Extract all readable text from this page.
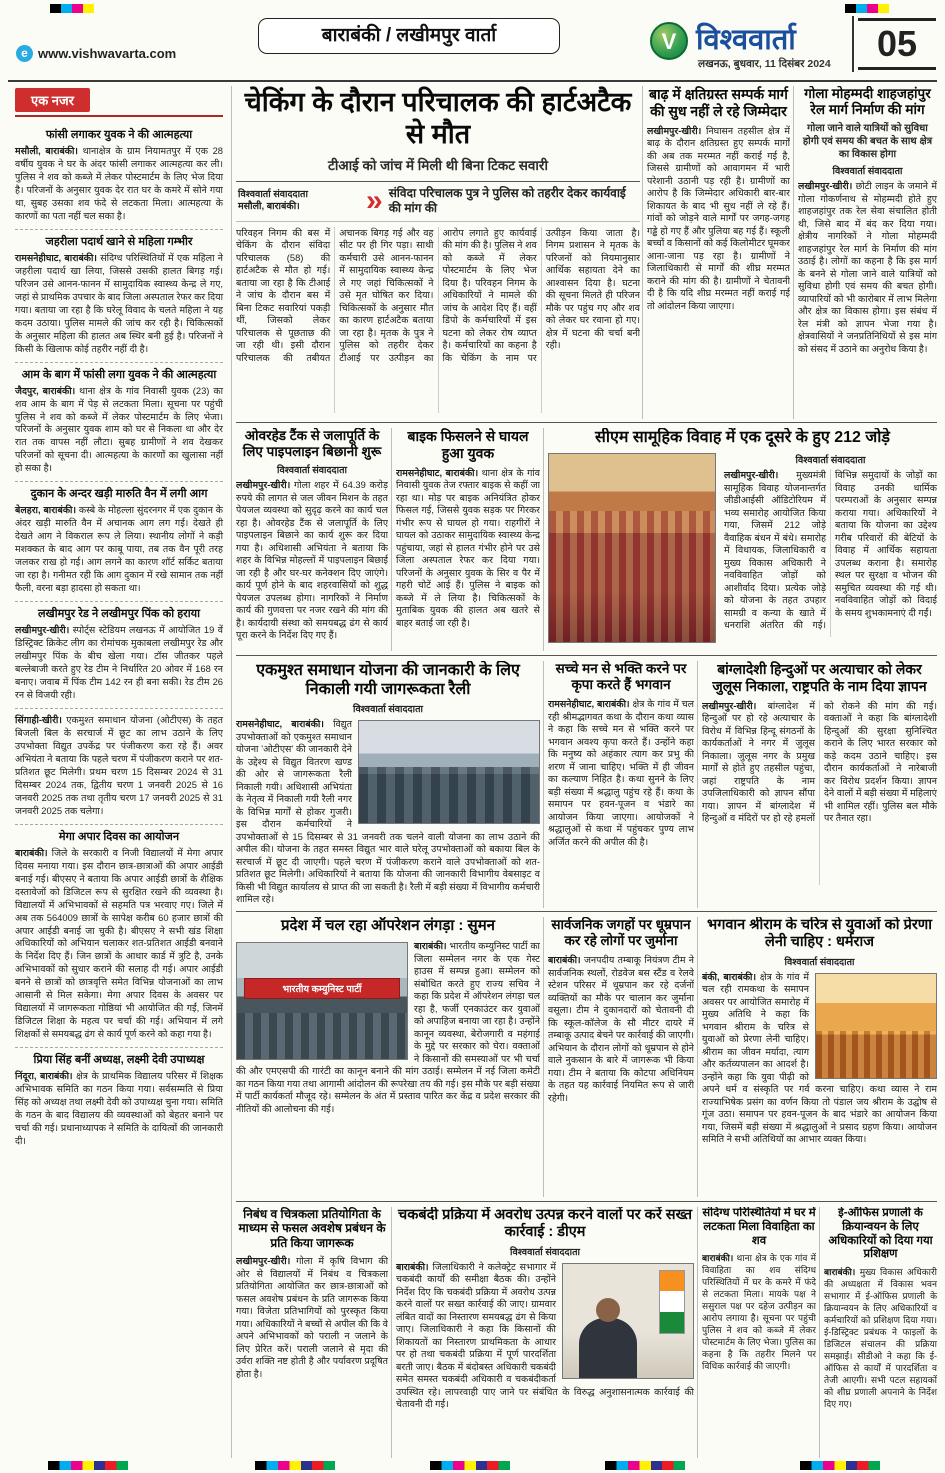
e www.vishwavarta.com
बाराबंकी / लखीमपुर वार्ता	V विश्ववार्ता
लखनऊ, बुधवार, 11 दिसंबर 2024	05
एक नजर
फांसी लगाकर युवक ने की आत्महत्या

मसौली, बाराबंकी। थानाक्षेत्र के ग्राम नियामतपुर में एक 28 वर्षीय युवक ने घर के अंदर फांसी लगाकर आत्महत्या कर ली। पुलिस ने शव को कब्जे में लेकर पोस्टमार्टम के लिए भेज दिया है। परिजनों के अनुसार युवक देर रात घर के कमरे में सोने गया था, सुबह उसका शव फंदे से लटकता मिला। आत्महत्या के कारणों का पता नहीं चल सका है।

जहरीला पदार्थ खाने से महिला गम्भीर

रामसनेहीघाट, बाराबंकी। संदिग्ध परिस्थितियों में एक महिला ने जहरीला पदार्थ खा लिया, जिससे उसकी हालत बिगड़ गई। परिजन उसे आनन-फानन में सामुदायिक स्वास्थ्य केन्द्र ले गए, जहां से प्राथमिक उपचार के बाद जिला अस्पताल रेफर कर दिया गया। बताया जा रहा है कि घरेलू विवाद के चलते महिला ने यह कदम उठाया। पुलिस मामले की जांच कर रही है। चिकित्सकों के अनुसार महिला की हालत अब स्थिर बनी हुई है। परिजनों ने किसी के खिलाफ कोई तहरीर नहीं दी है।

आम के बाग में फांसी लगा युवक ने की आत्महत्या

जैदपुर, बाराबंकी। थाना क्षेत्र के गांव निवासी युवक (23) का शव आम के बाग में पेड़ से लटकता मिला। सूचना पर पहुंची पुलिस ने शव को कब्जे में लेकर पोस्टमार्टम के लिए भेजा। परिजनों के अनुसार युवक शाम को घर से निकला था और देर रात तक वापस नहीं लौटा। सुबह ग्रामीणों ने शव देखकर परिजनों को सूचना दी। आत्महत्या के कारणों का खुलासा नहीं हो सका है।

दुकान के अन्दर खड़ी मारुति वैन में लगी आग

बेलहरा, बाराबंकी। कस्बे के मोहल्ला सुंदरनगर में एक दुकान के अंदर खड़ी मारुति वैन में अचानक आग लग गई। देखते ही देखते आग ने विकराल रूप ले लिया। स्थानीय लोगों ने कड़ी मशक्कत के बाद आग पर काबू पाया, तब तक वैन पूरी तरह जलकर राख हो गई। आग लगने का कारण शॉर्ट सर्किट बताया जा रहा है। गनीमत रही कि आग दुकान में रखे सामान तक नहीं फैली, वरना बड़ा हादसा हो सकता था।

लखीमपुर रेड ने लखीमपुर पिंक को हराया

लखीमपुर-खीरी। स्पोर्ट्स स्टेडियम लखनऊ में आयोजित 19 वें डिस्ट्रिक्ट क्रिकेट लीग का रोमांचक मुकाबला लखीमपुर रेड और लखीमपुर पिंक के बीच खेला गया। टॉस जीतकर पहले बल्लेबाजी करते हुए रेड टीम ने निर्धारित 20 ओवर में 168 रन बनाए। जवाब में पिंक टीम 142 रन ही बना सकी। रेड टीम 26 रन से विजयी रही।

सिंगाही-खीरी। एकमुश्त समाधान योजना (ओटीएस) के तहत बिजली बिल के सरचार्ज में छूट का लाभ उठाने के लिए उपभोक्ता विद्युत उपकेंद्र पर पंजीकरण करा रहे हैं। अवर अभियंता ने बताया कि पहले चरण में पंजीकरण कराने पर शत-प्रतिशत छूट मिलेगी। प्रथम चरण 15 दिसम्बर 2024 से 31 दिसम्बर 2024 तक, द्वितीय चरण 1 जनवरी 2025 से 16 जनवरी 2025 तक तथा तृतीय चरण 17 जनवरी 2025 से 31 जनवरी 2025 तक चलेगा।

मेगा अपार दिवस का आयोजन

बाराबंकी। जिले के सरकारी व निजी विद्यालयों में मेगा अपार दिवस मनाया गया। इस दौरान छात्र-छात्राओं की अपार आईडी बनाई गई। बीएसए ने बताया कि अपार आईडी छात्रों के शैक्षिक दस्तावेजों को डिजिटल रूप से सुरक्षित रखने की व्यवस्था है। विद्यालयों में अभिभावकों से सहमति पत्र भरवाए गए। जिले में अब तक 564009 छात्रों के सापेक्ष करीब 60 हजार छात्रों की अपार आईडी बनाई जा चुकी है। बीएसए ने सभी खंड शिक्षा अधिकारियों को अभियान चलाकर शत-प्रतिशत आईडी बनवाने के निर्देश दिए हैं। जिन छात्रों के आधार कार्ड में त्रुटि है, उनके अभिभावकों को सुधार कराने की सलाह दी गई। अपार आईडी बनने से छात्रों को छात्रवृत्ति समेत विभिन्न योजनाओं का लाभ आसानी से मिल सकेगा। मेगा अपार दिवस के अवसर पर विद्यालयों में जागरूकता गोष्ठियां भी आयोजित की गईं, जिनमें डिजिटल शिक्षा के महत्व पर चर्चा की गई। अभियान में लगे शिक्षकों से समयबद्ध ढंग से कार्य पूर्ण करने को कहा गया है।

प्रिया सिंह बनीं अध्यक्ष, लक्ष्मी देवी उपाध्यक्ष

निंदूरा, बाराबंकी। क्षेत्र के प्राथमिक विद्यालय परिसर में शिक्षक अभिभावक समिति का गठन किया गया। सर्वसम्मति से प्रिया सिंह को अध्यक्ष तथा लक्ष्मी देवी को उपाध्यक्ष चुना गया। समिति के गठन के बाद विद्यालय की व्यवस्थाओं को बेहतर बनाने पर चर्चा की गई। प्रधानाध्यापक ने समिति के दायित्वों की जानकारी दी।

चेकिंग के दौरान परिचालक की हार्टअटैक से मौत
टीआई को जांच में मिली थी बिना टिकट सवारी
विश्ववार्ता संवाददाता
मसौली, बाराबंकी।	» संविदा परिचालक पुत्र ने पुलिस को तहरीर देकर कार्यवाई की मांग की

परिवहन निगम की बस में चेकिंग के दौरान संविदा परिचालक (58) की हार्टअटैक से मौत हो गई। बताया जा रहा है कि टीआई ने जांच के दौरान बस में बिना टिकट सवारियां पकड़ी थीं, जिसको लेकर परिचालक से पूछताछ की जा रही थी। इसी दौरान परिचालक की तबीयत अचानक बिगड़ गई और वह सीट पर ही गिर पड़ा। साथी कर्मचारी उसे आनन-फानन में सामुदायिक स्वास्थ्य केन्द्र ले गए जहां चिकित्सकों ने उसे मृत घोषित कर दिया। चिकित्सकों के अनुसार मौत का कारण हार्टअटैक बताया जा रहा है। मृतक के पुत्र ने पुलिस को तहरीर देकर टीआई पर उत्पीड़न का आरोप लगाते हुए कार्यवाई की मांग की है। पुलिस ने शव को कब्जे में लेकर पोस्टमार्टम के लिए भेज दिया है। परिवहन निगम के अधिकारियों ने मामले की जांच के आदेश दिए हैं। वहीं डिपो के कर्मचारियों में इस घटना को लेकर रोष व्याप्त है। कर्मचारियों का कहना है कि चेकिंग के नाम पर उत्पीड़न किया जाता है। निगम प्रशासन ने मृतक के परिजनों को नियमानुसार आर्थिक सहायता देने का आश्वासन दिया है। घटना की सूचना मिलते ही परिजन मौके पर पहुंच गए और शव को लेकर घर रवाना हो गए। क्षेत्र में घटना की चर्चा बनी रही।

बाढ़ में क्षतिग्रस्त सम्पर्क मार्ग की सुध नहीं ले रहे जिम्मेदार

लखीमपुर-खीरी। निघासन तहसील क्षेत्र में बाढ़ के दौरान क्षतिग्रस्त हुए सम्पर्क मार्गों की अब तक मरम्मत नहीं कराई गई है, जिससे ग्रामीणों को आवागमन में भारी परेशानी उठानी पड़ रही है। ग्रामीणों का आरोप है कि जिम्मेदार अधिकारी बार-बार शिकायत के बाद भी सुध नहीं ले रहे हैं। गांवों को जोड़ने वाले मार्गों पर जगह-जगह गड्ढे हो गए हैं और पुलिया बह गई हैं। स्कूली बच्चों व किसानों को कई किलोमीटर घूमकर आना-जाना पड़ रहा है। ग्रामीणों ने जिलाधिकारी से मार्गों की शीघ्र मरम्मत कराने की मांग की है। ग्रामीणों ने चेतावनी दी है कि यदि शीघ्र मरम्मत नहीं कराई गई तो आंदोलन किया जाएगा।

गोला मोहम्मदी शाहजहांपुर रेल मार्ग निर्माण की मांग
गोला जाने वाले यात्रियों को सुविधा होगी एवं समय की बचत के साथ क्षेत्र का विकास होगा
विश्ववार्ता संवाददाता

लखीमपुर-खीरी। छोटी लाइन के जमाने में गोला गोकर्णनाथ से मोहम्मदी होते हुए शाहजहांपुर तक रेल सेवा संचालित होती थी, जिसे बाद में बंद कर दिया गया। क्षेत्रीय नागरिकों ने गोला मोहम्मदी शाहजहांपुर रेल मार्ग के निर्माण की मांग उठाई है। लोगों का कहना है कि इस मार्ग के बनने से गोला जाने वाले यात्रियों को सुविधा होगी एवं समय की बचत होगी। व्यापारियों को भी कारोबार में लाभ मिलेगा और क्षेत्र का विकास होगा। इस संबंध में रेल मंत्री को ज्ञापन भेजा गया है। क्षेत्रवासियों ने जनप्रतिनिधियों से इस मांग को संसद में उठाने का अनुरोध किया है।

ओवरहेड टैंक से जलापूर्ति के लिए पाइपलाइन बिछानी शुरू
विश्ववार्ता संवाददाता

लखीमपुर-खीरी। गोला शहर में 64.39 करोड़ रुपये की लागत से जल जीवन मिशन के तहत पेयजल व्यवस्था को सुदृढ़ करने का कार्य चल रहा है। ओवरहेड टैंक से जलापूर्ति के लिए पाइपलाइन बिछाने का कार्य शुरू कर दिया गया है। अधिशासी अभियंता ने बताया कि शहर के विभिन्न मोहल्लों में पाइपलाइन बिछाई जा रही है और घर-घर कनेक्शन दिए जाएंगे। कार्य पूर्ण होने के बाद शहरवासियों को शुद्ध पेयजल उपलब्ध होगा। नागरिकों ने निर्माण कार्य की गुणवत्ता पर नजर रखने की मांग की है। कार्यदायी संस्था को समयबद्ध ढंग से कार्य पूरा करने के निर्देश दिए गए हैं।

बाइक फिसलने से घायल हुआ युवक

रामसनेहीघाट, बाराबंकी। थाना क्षेत्र के गांव निवासी युवक तेज रफ्तार बाइक से कहीं जा रहा था। मोड़ पर बाइक अनियंत्रित होकर फिसल गई, जिससे युवक सड़क पर गिरकर गंभीर रूप से घायल हो गया। राहगीरों ने घायल को उठाकर सामुदायिक स्वास्थ्य केन्द्र पहुंचाया, जहां से हालत गंभीर होने पर उसे जिला अस्पताल रेफर कर दिया गया। परिजनों के अनुसार युवक के सिर व पैर में गहरी चोटें आई हैं। पुलिस ने बाइक को कब्जे में ले लिया है। चिकित्सकों के मुताबिक युवक की हालत अब खतरे से बाहर बताई जा रही है।

सीएम सामूहिक विवाह में एक दूसरे के हुए 212 जोड़े
विश्ववार्ता संवाददाता

लखीमपुर-खीरी। मुख्यमंत्री सामूहिक विवाह योजनान्तर्गत जीडीआईसी ऑडिटोरियम में भव्य समारोह आयोजित किया गया, जिसमें 212 जोड़े वैवाहिक बंधन में बंधे। समारोह में विधायक, जिलाधिकारी व मुख्य विकास अधिकारी ने नवविवाहित जोड़ों को आशीर्वाद दिया। प्रत्येक जोड़े को योजना के तहत उपहार सामग्री व कन्या के खाते में धनराशि अंतरित की गई। विभिन्न समुदायों के जोड़ों का विवाह उनकी धार्मिक परम्पराओं के अनुसार सम्पन्न कराया गया। अधिकारियों ने बताया कि योजना का उद्देश्य गरीब परिवारों की बेटियों के विवाह में आर्थिक सहायता उपलब्ध कराना है। समारोह स्थल पर सुरक्षा व भोजन की समुचित व्यवस्था की गई थी। नवविवाहित जोड़ों को विदाई के समय शुभकामनाएं दी गईं।

एकमुश्त समाधान योजना की जानकारी के लिए निकाली गयी जागरूकता रैली
विश्ववार्ता संवाददाता

रामसनेहीघाट, बाराबंकी। विद्युत उपभोक्ताओं को एकमुश्त समाधान योजना 'ओटीएस' की जानकारी देने के उद्देश्य से विद्युत वितरण खण्ड की ओर से जागरूकता रैली निकाली गयी। अधिशासी अभियंता के नेतृत्व में निकाली गयी रैली नगर के विभिन्न मार्गों से होकर गुजरी। इस दौरान कर्मचारियों ने उपभोक्ताओं से 15 दिसम्बर से 31 जनवरी तक चलने वाली योजना का लाभ उठाने की अपील की। योजना के तहत समस्त विद्युत भार वाले घरेलू उपभोक्ताओं को बकाया बिल के सरचार्ज में छूट दी जाएगी। पहले चरण में पंजीकरण कराने वाले उपभोक्ताओं को शत-प्रतिशत छूट मिलेगी। अधिकारियों ने बताया कि योजना की जानकारी विभागीय वेबसाइट व किसी भी विद्युत कार्यालय से प्राप्त की जा सकती है। रैली में बड़ी संख्या में विभागीय कर्मचारी शामिल रहे।

सच्चे मन से भक्ति करने पर कृपा करते हैं भगवान

रामसनेहीघाट, बाराबंकी। क्षेत्र के गांव में चल रही श्रीमद्भागवत कथा के दौरान कथा व्यास ने कहा कि सच्चे मन से भक्ति करने पर भगवान अवश्य कृपा करते हैं। उन्होंने कहा कि मनुष्य को अहंकार त्याग कर प्रभु की शरण में जाना चाहिए। भक्ति में ही जीवन का कल्याण निहित है। कथा सुनने के लिए बड़ी संख्या में श्रद्धालु पहुंच रहे हैं। कथा के समापन पर हवन-पूजन व भंडारे का आयोजन किया जाएगा। आयोजकों ने श्रद्धालुओं से कथा में पहुंचकर पुण्य लाभ अर्जित करने की अपील की है।

बांग्लादेशी हिन्दुओं पर अत्याचार को लेकर जुलूस निकाला, राष्ट्रपति के नाम दिया ज्ञापन

लखीमपुर-खीरी। बांग्लादेश में हिन्दुओं पर हो रहे अत्याचार के विरोध में विभिन्न हिन्दू संगठनों के कार्यकर्ताओं ने नगर में जुलूस निकाला। जुलूस नगर के प्रमुख मार्गों से होते हुए तहसील पहुंचा, जहां राष्ट्रपति के नाम उपजिलाधिकारी को ज्ञापन सौंपा गया। ज्ञापन में बांग्लादेश में हिन्दुओं व मंदिरों पर हो रहे हमलों को रोकने की मांग की गई। वक्ताओं ने कहा कि बांग्लादेशी हिन्दुओं की सुरक्षा सुनिश्चित कराने के लिए भारत सरकार को कड़े कदम उठाने चाहिए। इस दौरान कार्यकर्ताओं ने नारेबाजी कर विरोध प्रदर्शन किया। ज्ञापन देने वालों में बड़ी संख्या में महिलाएं भी शामिल रहीं। पुलिस बल मौके पर तैनात रहा।

प्रदेश में चल रहा ऑपरेशन लंगड़ा : सुमन
भारतीय कम्युनिस्ट पार्टी

बाराबंकी। भारतीय कम्युनिस्ट पार्टी का जिला सम्मेलन नगर के एक गेस्ट हाउस में सम्पन्न हुआ। सम्मेलन को संबोधित करते हुए राज्य सचिव ने कहा कि प्रदेश में ऑपरेशन लंगड़ा चल रहा है, फर्जी एनकाउंटर कर युवाओं को अपाहिज बनाया जा रहा है। उन्होंने कानून व्यवस्था, बेरोजगारी व महंगाई के मुद्दे पर सरकार को घेरा। वक्ताओं ने किसानों की समस्याओं पर भी चर्चा की और एमएसपी की गारंटी का कानून बनाने की मांग उठाई। सम्मेलन में नई जिला कमेटी का गठन किया गया तथा आगामी आंदोलन की रूपरेखा तय की गई। इस मौके पर बड़ी संख्या में पार्टी कार्यकर्ता मौजूद रहे। सम्मेलन के अंत में प्रस्ताव पारित कर केंद्र व प्रदेश सरकार की नीतियों की आलोचना की गई।

सार्वजनिक जगहों पर धूम्रपान कर रहे लोगों पर जुर्माना

बाराबंकी। जनपदीय तम्बाकू नियंत्रण टीम ने सार्वजनिक स्थलों, रोडवेज बस स्टैंड व रेलवे स्टेशन परिसर में धूम्रपान कर रहे दर्जनों व्यक्तियों का मौके पर चालान कर जुर्माना वसूला। टीम ने दुकानदारों को चेतावनी दी कि स्कूल-कॉलेज के सौ मीटर दायरे में तम्बाकू उत्पाद बेचने पर कार्रवाई की जाएगी। अभियान के दौरान लोगों को धूम्रपान से होने वाले नुकसान के बारे में जागरूक भी किया गया। टीम ने बताया कि कोटपा अधिनियम के तहत यह कार्रवाई नियमित रूप से जारी रहेगी।

भगवान श्रीराम के चरित्र से युवाओं को प्रेरणा लेनी चाहिए : धर्मराज
विश्ववार्ता संवाददाता

बंकी, बाराबंकी। क्षेत्र के गांव में चल रही रामकथा के समापन अवसर पर आयोजित समारोह में मुख्य अतिथि ने कहा कि भगवान श्रीराम के चरित्र से युवाओं को प्रेरणा लेनी चाहिए। श्रीराम का जीवन मर्यादा, त्याग और कर्तव्यपालन का आदर्श है। उन्होंने कहा कि युवा पीढ़ी को अपने धर्म व संस्कृति पर गर्व करना चाहिए। कथा व्यास ने राम राज्याभिषेक प्रसंग का वर्णन किया तो पंडाल जय श्रीराम के उद्घोष से गूंज उठा। समापन पर हवन-पूजन के बाद भंडारे का आयोजन किया गया, जिसमें बड़ी संख्या में श्रद्धालुओं ने प्रसाद ग्रहण किया। आयोजन समिति ने सभी अतिथियों का आभार व्यक्त किया।

निबंध व चित्रकला प्रतियोगिता के माध्यम से फसल अवशेष प्रबंधन के प्रति किया जागरूक

लखीमपुर-खीरी। गोला में कृषि विभाग की ओर से विद्यालयों में निबंध व चित्रकला प्रतियोगिता आयोजित कर छात्र-छात्राओं को फसल अवशेष प्रबंधन के प्रति जागरूक किया गया। विजेता प्रतिभागियों को पुरस्कृत किया गया। अधिकारियों ने बच्चों से अपील की कि वे अपने अभिभावकों को पराली न जलाने के लिए प्रेरित करें। पराली जलाने से मृदा की उर्वरा शक्ति नष्ट होती है और पर्यावरण प्रदूषित होता है।

चकबंदी प्रक्रिया में अवरोध उत्पन्न करने वालों पर करें सख्त कार्रवाई : डीएम
विश्ववार्ता संवाददाता

बाराबंकी। जिलाधिकारी ने कलेक्ट्रेट सभागार में चकबंदी कार्यों की समीक्षा बैठक की। उन्होंने निर्देश दिए कि चकबंदी प्रक्रिया में अवरोध उत्पन्न करने वालों पर सख्त कार्रवाई की जाए। ग्रामवार लंबित वादों का निस्तारण समयबद्ध ढंग से किया जाए। जिलाधिकारी ने कहा कि किसानों की शिकायतों का निस्तारण प्राथमिकता के आधार पर हो तथा चकबंदी प्रक्रिया में पूर्ण पारदर्शिता बरती जाए। बैठक में बंदोबस्त अधिकारी चकबंदी समेत समस्त चकबंदी अधिकारी व चकबंदीकर्ता उपस्थित रहे। लापरवाही पाए जाने पर संबंधित के विरुद्ध अनुशासनात्मक कार्रवाई की चेतावनी दी गई।

संदिग्ध परिस्थितियों में घर में लटकता मिला विवाहिता का शव

बाराबंकी। थाना क्षेत्र के एक गांव में विवाहिता का शव संदिग्ध परिस्थितियों में घर के कमरे में फंदे से लटकता मिला। मायके पक्ष ने ससुराल पक्ष पर दहेज उत्पीड़न का आरोप लगाया है। सूचना पर पहुंची पुलिस ने शव को कब्जे में लेकर पोस्टमार्टम के लिए भेजा। पुलिस का कहना है कि तहरीर मिलने पर विधिक कार्रवाई की जाएगी।

ई-ऑफिस प्रणाली के क्रियान्वयन के लिए अधिकारियों को दिया गया प्रशिक्षण

बाराबंकी। मुख्य विकास अधिकारी की अध्यक्षता में विकास भवन सभागार में ई-ऑफिस प्रणाली के क्रियान्वयन के लिए अधिकारियों व कर्मचारियों को प्रशिक्षण दिया गया। ई-डिस्ट्रिक्ट प्रबंधक ने फाइलों के डिजिटल संचालन की प्रक्रिया समझाई। सीडीओ ने कहा कि ई-ऑफिस से कार्यों में पारदर्शिता व तेजी आएगी। सभी पटल सहायकों को शीघ्र प्रणाली अपनाने के निर्देश दिए गए।
